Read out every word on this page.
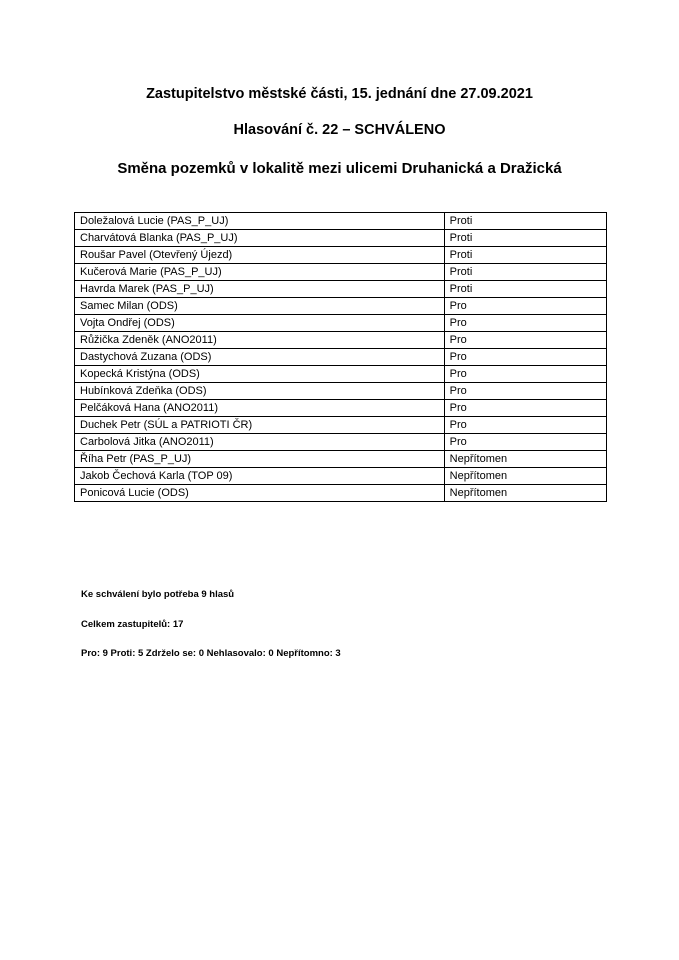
Zastupitelstvo městské části, 15. jednání dne 27.09.2021
Hlasování č. 22 – SCHVÁLENO
Směna pozemků v lokalitě mezi ulicemi Druhanická a Dražická
Doležalová Lucie (PAS_P_UJ)	Proti
Charvátová Blanka (PAS_P_UJ)	Proti
Roušar Pavel (Otevřený Újezd)	Proti
Kučerová Marie (PAS_P_UJ)	Proti
Havrda Marek (PAS_P_UJ)	Proti
Samec Milan (ODS)	Pro
Vojta Ondřej (ODS)	Pro
Růžička Zdeněk (ANO2011)	Pro
Dastychová Zuzana (ODS)	Pro
Kopecká Kristýna (ODS)	Pro
Hubínková Zdeňka (ODS)	Pro
Pelčáková Hana (ANO2011)	Pro
Duchek Petr (SÚL a PATRIOTI ČR)	Pro
Carbolová Jitka (ANO2011)	Pro
Říha Petr (PAS_P_UJ)	Nepřítomen
Jakob Čechová Karla (TOP 09)	Nepřítomen
Ponicová Lucie (ODS)	Nepřítomen
Ke schválení bylo potřeba 9 hlasů
Celkem zastupitelů: 17
Pro: 9 Proti: 5 Zdrželo se: 0 Nehlasovalo: 0 Nepřítomno: 3
